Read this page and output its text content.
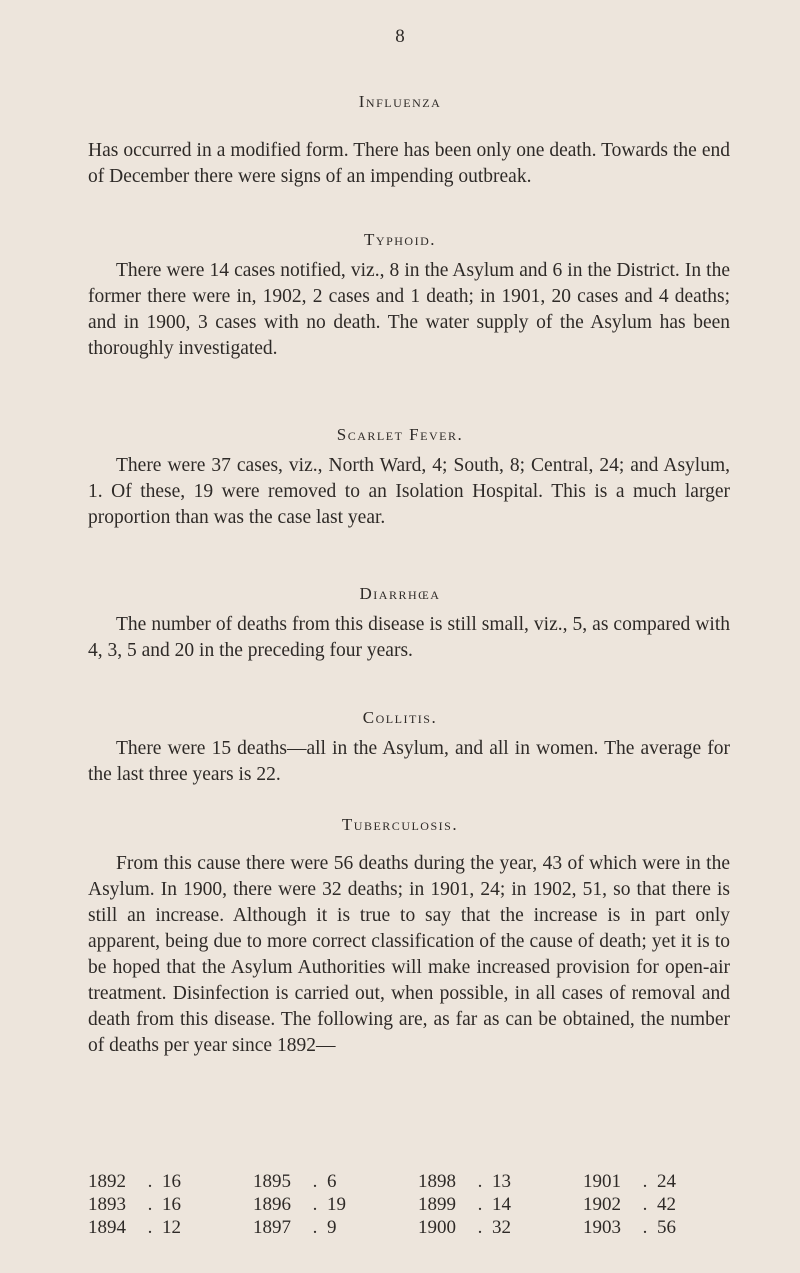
8
Influenza
Has occurred in a modified form. There has been only one death. Towards the end of December there were signs of an impending outbreak.
Typhoid.
There were 14 cases notified, viz., 8 in the Asylum and 6 in the District. In the former there were in, 1902, 2 cases and 1 death; in 1901, 20 cases and 4 deaths; and in 1900, 3 cases with no death. The water supply of the Asylum has been thoroughly investigated.
Scarlet Fever.
There were 37 cases, viz., North Ward, 4; South, 8; Central, 24; and Asylum, 1. Of these, 19 were removed to an Isolation Hospital. This is a much larger proportion than was the case last year.
Diarrhœa
The number of deaths from this disease is still small, viz., 5, as compared with 4, 3, 5 and 20 in the preceding four years.
Collitis.
There were 15 deaths—all in the Asylum, and all in women. The average for the last three years is 22.
Tuberculosis.
From this cause there were 56 deaths during the year, 43 of which were in the Asylum. In 1900, there were 32 deaths; in 1901, 24; in 1902, 51, so that there is still an increase. Although it is true to say that the increase is in part only apparent, being due to more correct classification of the cause of death; yet it is to be hoped that the Asylum Authorities will make increased provision for open-air treatment. Disinfection is carried out, when possible, in all cases of removal and death from this disease. The following are, as far as can be obtained, the number of deaths per year since 1892—
1892	.	16	1895	.	6	1898	.	13	1901	.	24
1893	.	16	1896	.	19	1899	.	14	1902	.	42
1894	.	12	1897	.	9	1900	.	32	1903	.	56
